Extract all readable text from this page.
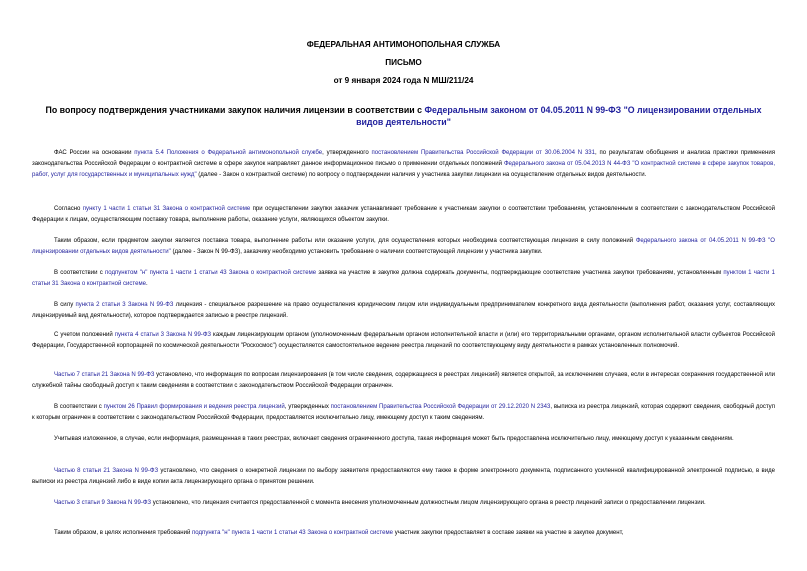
ФЕДЕРАЛЬНАЯ АНТИМОНОПОЛЬНАЯ СЛУЖБА
ПИСЬМО
от 9 января 2024 года N МШ/211/24
По вопросу подтверждения участниками закупок наличия лицензии в соответствии с Федеральным законом от 04.05.2011 N 99-ФЗ "О лицензировании отдельных видов деятельности"

ФАС России на основании пункта 5.4 Положения о Федеральной антимонопольной службе, утвержденного постановлением Правительства Российской Федерации от 30.06.2004 N 331, по результатам обобщения и анализа практики применения законодательства Российской Федерации о контрактной системе в сфере закупок направляет данное информационное письмо о применении отдельных положений Федерального закона от 05.04.2013 N 44-ФЗ "О контрактной системе в сфере закупок товаров, работ, услуг для государственных и муниципальных нужд" (далее - Закон о контрактной системе) по вопросу о подтверждении наличия у участника закупки лицензии на осуществление отдельных видов деятельности.

Согласно пункту 1 части 1 статьи 31 Закона о контрактной системе при осуществлении закупки заказчик устанавливает требование к участникам закупки о соответствии требованиям, установленным в соответствии с законодательством Российской Федерации к лицам, осуществляющим поставку товара, выполнение работы, оказание услуги, являющихся объектом закупки.

Таким образом, если предметом закупки является поставка товара, выполнение работы или оказание услуги, для осуществления которых необходима соответствующая лицензия в силу положений Федерального закона от 04.05.2011 N 99-ФЗ "О лицензировании отдельных видов деятельности" (далее - Закон N 99-ФЗ), заказчику необходимо установить требование о наличии соответствующей лицензии у участника закупки.

В соответствии с подпунктом "н" пункта 1 части 1 статьи 43 Закона о контрактной системе заявка на участие в закупке должна содержать документы, подтверждающие соответствие участника закупки требованиям, установленным пунктом 1 части 1 статьи 31 Закона о контрактной системе.

В силу пункта 2 статьи 3 Закона N 99-ФЗ лицензия - специальное разрешение на право осуществления юридическим лицом или индивидуальным предпринимателем конкретного вида деятельности (выполнения работ, оказания услуг, составляющих лицензируемый вид деятельности), которое подтверждается записью в реестре лицензий.

С учетом положений пункта 4 статьи 3 Закона N 99-ФЗ каждым лицензирующим органом (уполномоченным федеральным органом исполнительной власти и (или) его территориальными органами, органом исполнительной власти субъектов Российской Федерации, Государственной корпорацией по космической деятельности "Роскосмос") осуществляется самостоятельное ведение реестра лицензий по соответствующему виду деятельности в рамках установленных полномочий.

Частью 7 статьи 21 Закона N 99-ФЗ установлено, что информация по вопросам лицензирования (в том числе сведения, содержащиеся в реестрах лицензий) является открытой, за исключением случаев, если в интересах сохранения государственной или служебной тайны свободный доступ к таким сведениям в соответствии с законодательством Российской Федерации ограничен.

В соответствии с пунктом 26 Правил формирования и ведения реестра лицензий, утвержденных постановлением Правительства Российской Федерации от 29.12.2020 N 2343, выписка из реестра лицензий, которая содержит сведения, свободный доступ к которым ограничен в соответствии с законодательством Российской Федерации, предоставляется исключительно лицу, имеющему доступ к таким сведениям.

Учитывая изложенное, в случае, если информация, размещенная в таких реестрах, включает сведения ограниченного доступа, такая информация может быть предоставлена исключительно лицу, имеющему доступ к указанным сведениям.

Частью 8 статьи 21 Закона N 99-ФЗ установлено, что сведения о конкретной лицензии по выбору заявителя предоставляются ему также в форме электронного документа, подписанного усиленной квалифицированной электронной подписью, в виде выписки из реестра лицензий либо в виде копии акта лицензирующего органа о принятом решении.

Частью 3 статьи 9 Закона N 99-ФЗ установлено, что лицензия считается предоставленной с момента внесения уполномоченным должностным лицом лицензирующего органа в реестр лицензий записи о предоставлении лицензии.

Таким образом, в целях исполнения требований подпункта "н" пункта 1 части 1 статьи 43 Закона о контрактной системе участник закупки предоставляет в составе заявки на участие в закупке документ,
